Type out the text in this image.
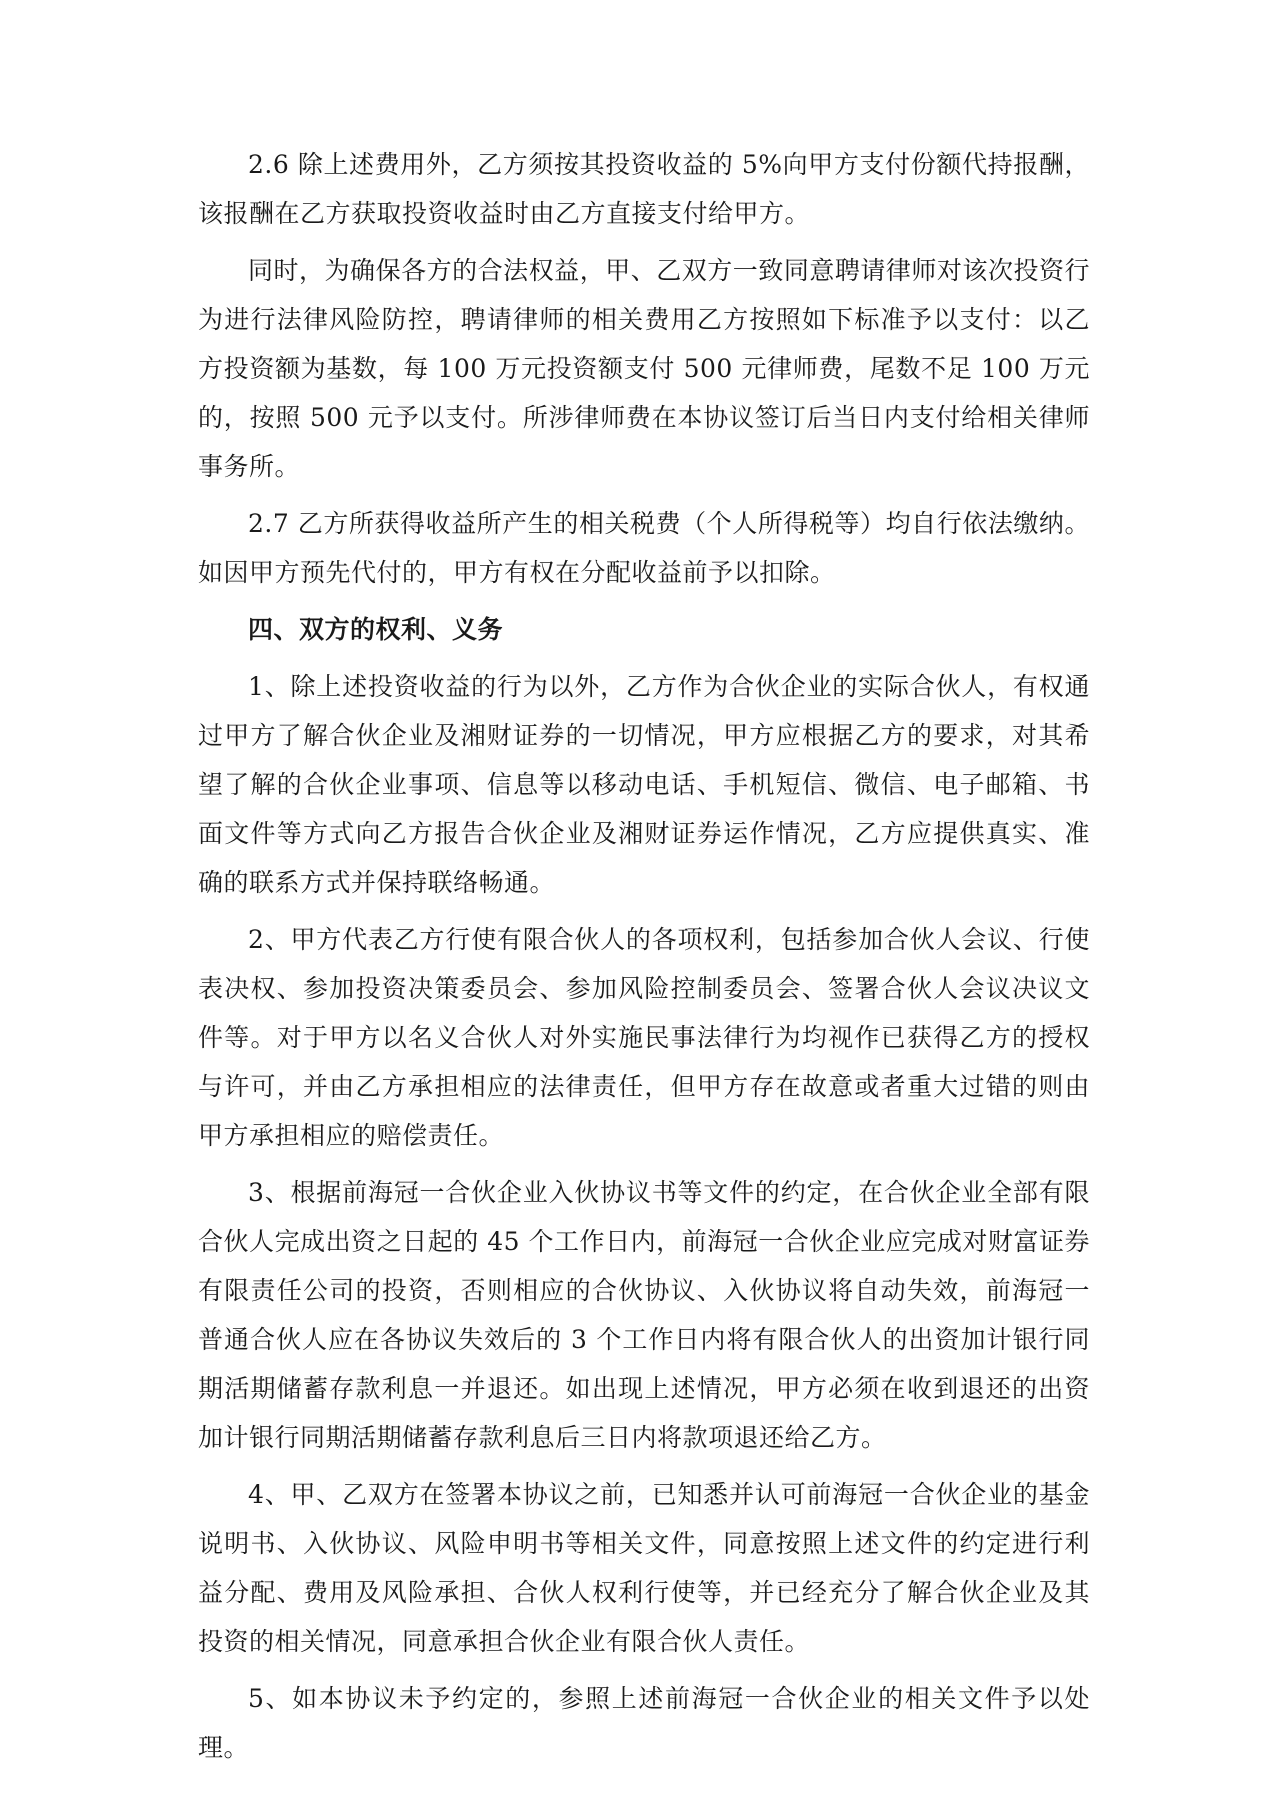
2.6 除上述费用外，乙方须按其投资收益的 5%向甲方支付份额代持报酬，该报酬在乙方获取投资收益时由乙方直接支付给甲方。

同时，为确保各方的合法权益，甲、乙双方一致同意聘请律师对该次投资行为进行法律风险防控，聘请律师的相关费用乙方按照如下标准予以支付：以乙方投资额为基数，每 100 万元投资额支付 500 元律师费，尾数不足 100 万元的，按照 500 元予以支付。所涉律师费在本协议签订后当日内支付给相关律师事务所。

2.7 乙方所获得收益所产生的相关税费（个人所得税等）均自行依法缴纳。如因甲方预先代付的，甲方有权在分配收益前予以扣除。

四、双方的权利、义务

1、除上述投资收益的行为以外，乙方作为合伙企业的实际合伙人，有权通过甲方了解合伙企业及湘财证券的一切情况，甲方应根据乙方的要求，对其希望了解的合伙企业事项、信息等以移动电话、手机短信、微信、电子邮箱、书面文件等方式向乙方报告合伙企业及湘财证券运作情况，乙方应提供真实、准确的联系方式并保持联络畅通。

2、甲方代表乙方行使有限合伙人的各项权利，包括参加合伙人会议、行使表决权、参加投资决策委员会、参加风险控制委员会、签署合伙人会议决议文件等。对于甲方以名义合伙人对外实施民事法律行为均视作已获得乙方的授权与许可，并由乙方承担相应的法律责任，但甲方存在故意或者重大过错的则由甲方承担相应的赔偿责任。

3、根据前海冠一合伙企业入伙协议书等文件的约定，在合伙企业全部有限合伙人完成出资之日起的 45 个工作日内，前海冠一合伙企业应完成对财富证券有限责任公司的投资，否则相应的合伙协议、入伙协议将自动失效，前海冠一普通合伙人应在各协议失效后的 3 个工作日内将有限合伙人的出资加计银行同期活期储蓄存款利息一并退还。如出现上述情况，甲方必须在收到退还的出资加计银行同期活期储蓄存款利息后三日内将款项退还给乙方。

4、甲、乙双方在签署本协议之前，已知悉并认可前海冠一合伙企业的基金说明书、入伙协议、风险申明书等相关文件，同意按照上述文件的约定进行利益分配、费用及风险承担、合伙人权利行使等，并已经充分了解合伙企业及其投资的相关情况，同意承担合伙企业有限合伙人责任。

5、如本协议未予约定的，参照上述前海冠一合伙企业的相关文件予以处理。
